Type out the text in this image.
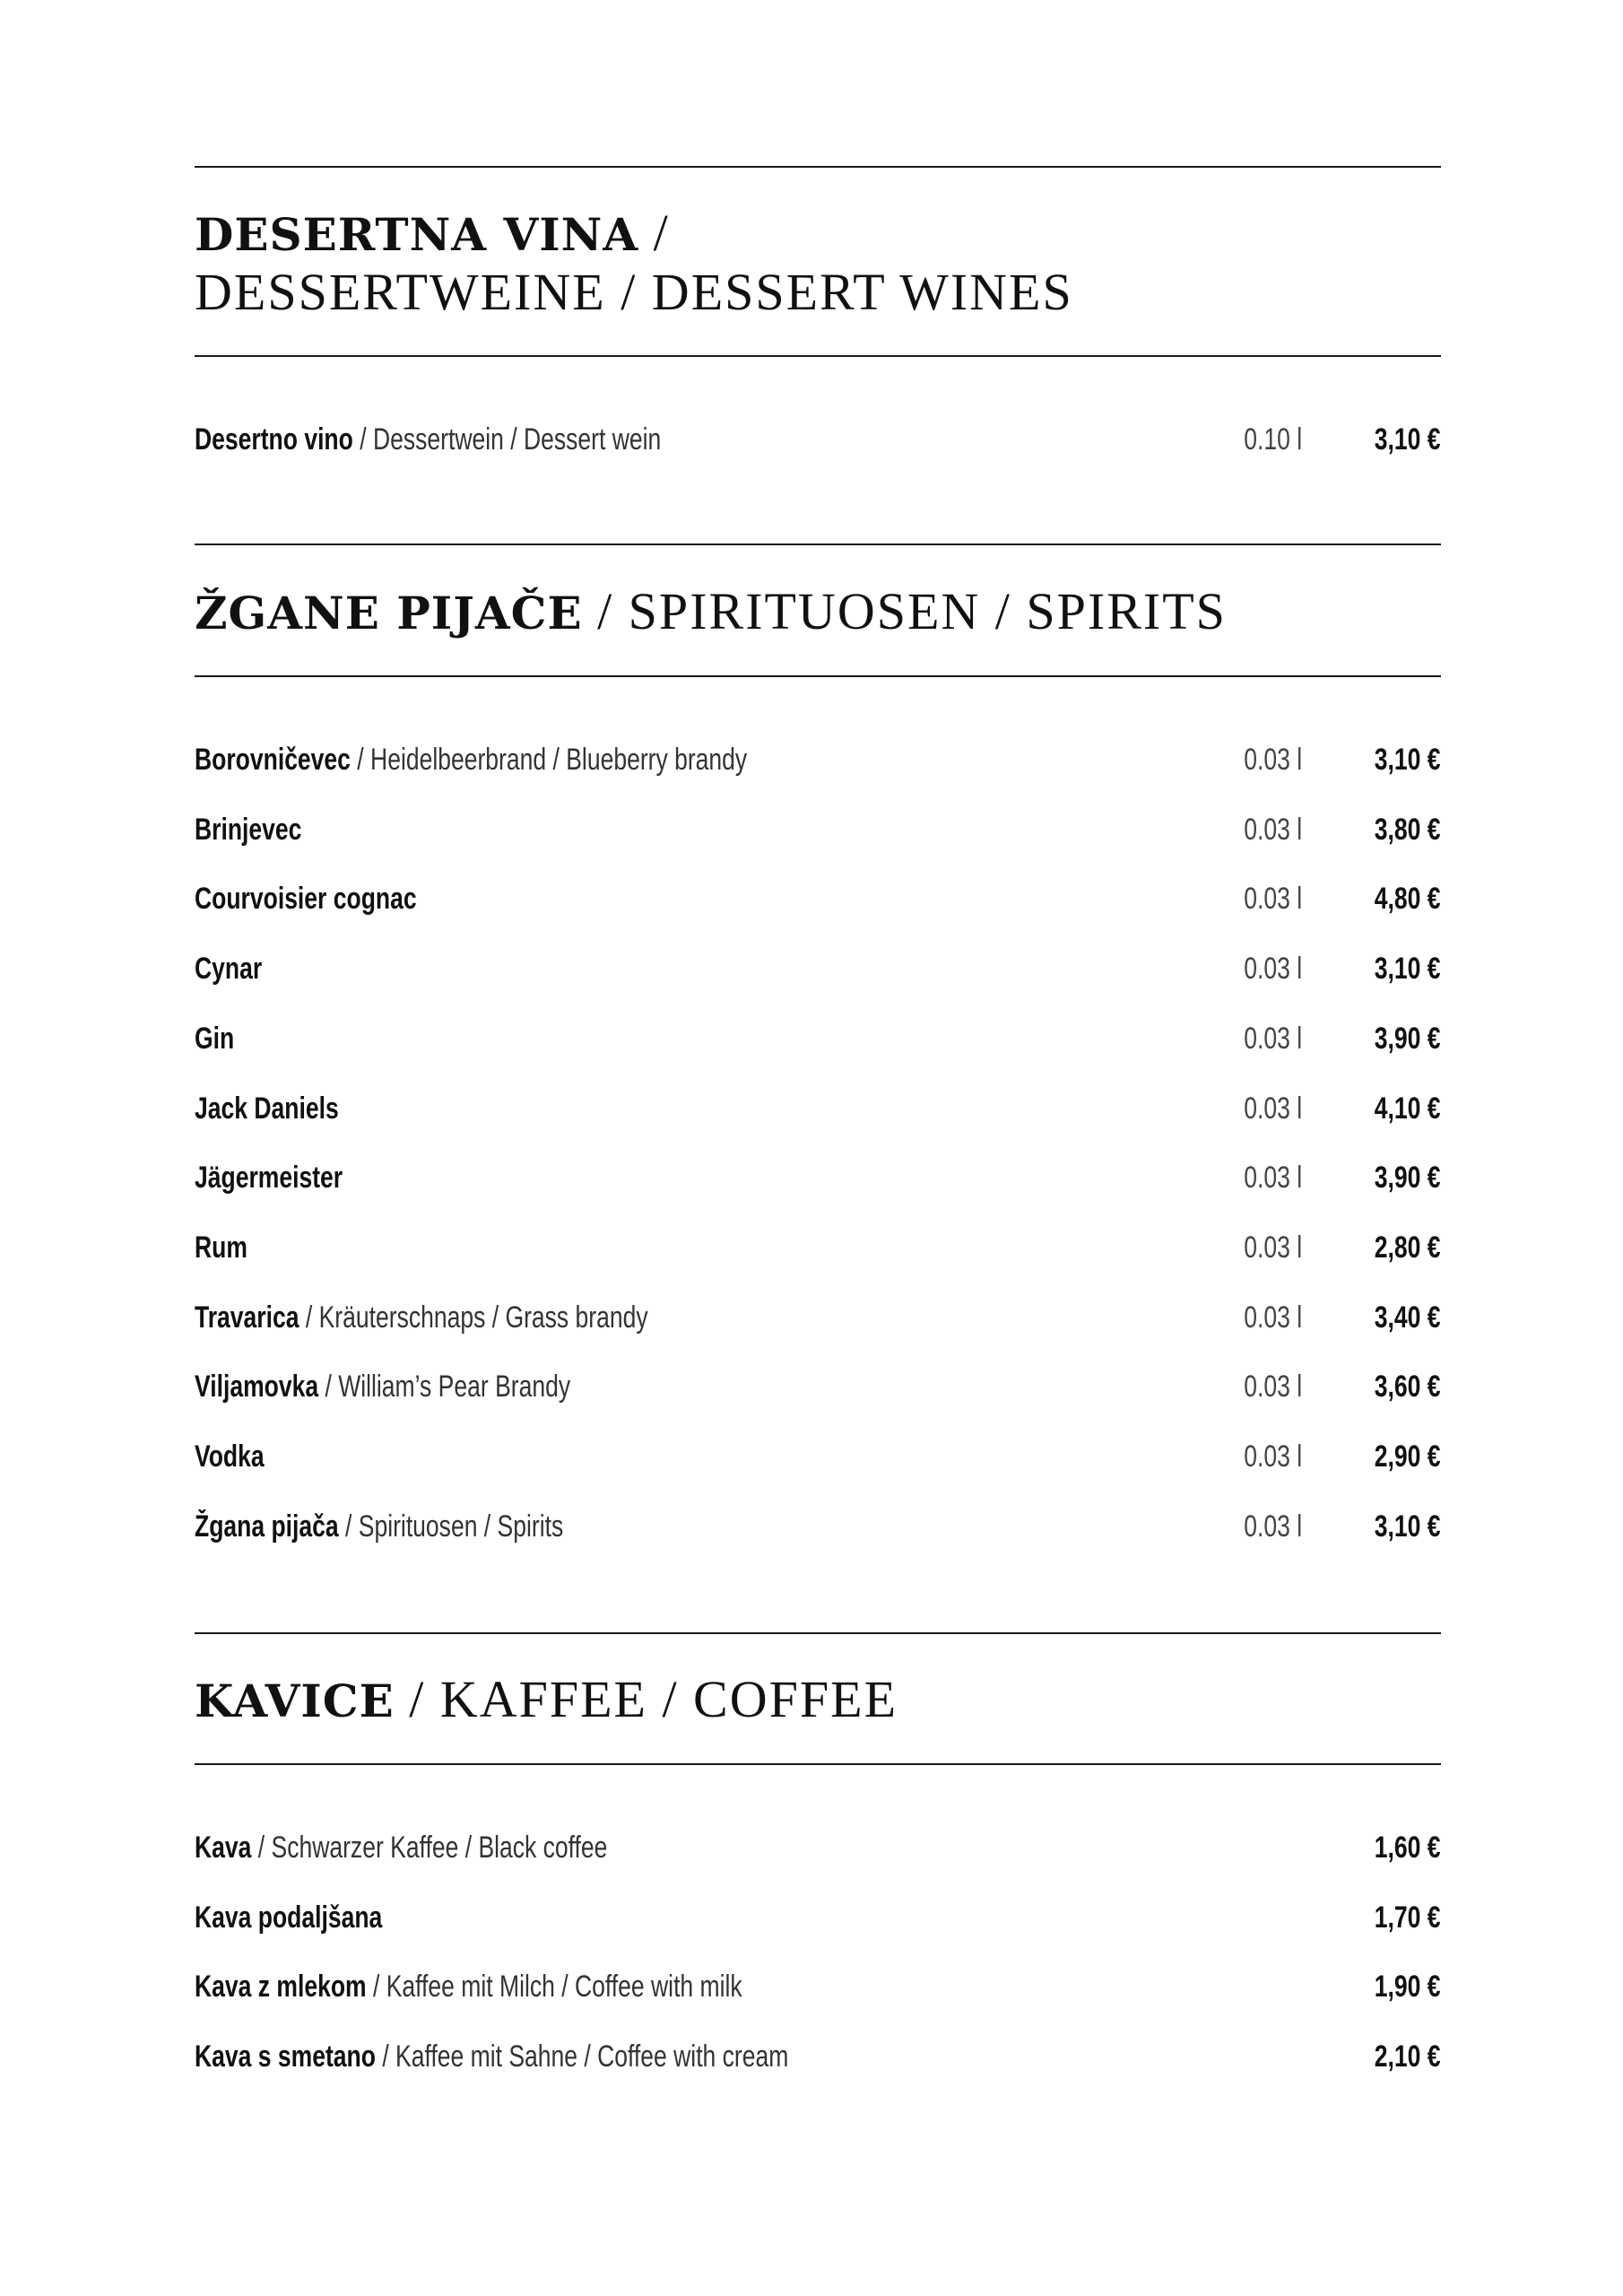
DESERTNA VINA /
DESSERTWEINE / DESSERT WINES
Desertno vino / Dessertwein / Dessert wein	0.10 l 3,10 €
ŽGANE PIJAČE / SPIRITUOSEN / SPIRITS
Borovničevec / Heidelbeerbrand / Blueberry brandy	0.03 l 3,10 €
Brinjevec	0.03 l 3,80 €
Courvoisier cognac	0.03 l 4,80 €
Cynar	0.03 l 3,10 €
Gin	0.03 l 3,90 €
Jack Daniels	0.03 l 4,10 €
Jägermeister	0.03 l 3,90 €
Rum	0.03 l 2,80 €
Travarica / Kräuterschnaps / Grass brandy	0.03 l 3,40 €
Viljamovka / William’s Pear Brandy	0.03 l 3,60 €
Vodka	0.03 l 2,90 €
Žgana pijača / Spirituosen / Spirits	0.03 l 3,10 €
KAVICE / KAFFEE / COFFEE
Kava / Schwarzer Kaffee / Black coffee	1,60 €
Kava podaljšana	1,70 €
Kava z mlekom / Kaffee mit Milch / Coffee with milk	1,90 €
Kava s smetano / Kaffee mit Sahne / Coffee with cream	2,10 €
